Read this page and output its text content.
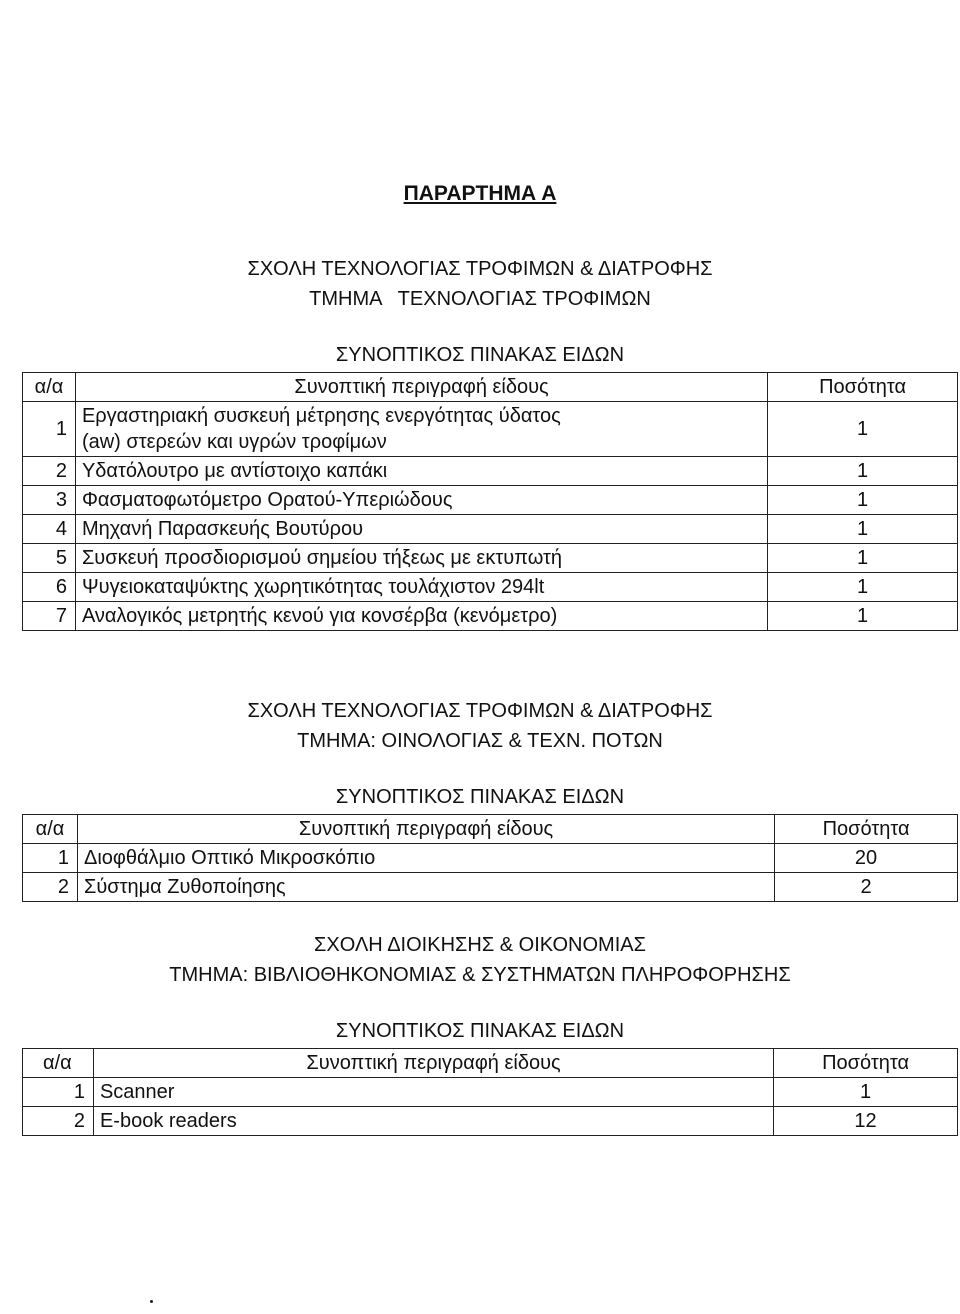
ΠΑΡΑΡΤΗΜΑ Α
ΣΧΟΛΗ ΤΕΧΝΟΛΟΓΙΑΣ ΤΡΟΦΙΜΩΝ & ΔΙΑΤΡΟΦΗΣ
ΤΜΗΜΑ   ΤΕΧΝΟΛΟΓΙΑΣ ΤΡΟΦΙΜΩΝ
ΣΥΝΟΠΤΙΚΟΣ ΠΙΝΑΚΑΣ ΕΙΔΩΝ
α/α	Συνοπτική περιγραφή είδους	Ποσότητα
1	Εργαστηριακή συσκευή μέτρησης ενεργότητας ύδατος (aw) στερεών και υγρών τροφίμων	1
2	Υδατόλουτρο με αντίστοιχο καπάκι	1
3	Φασματοφωτόμετρο Ορατού-Υπεριώδους	1
4	Μηχανή Παρασκευής Βουτύρου	1
5	Συσκευή προσδιορισμού σημείου τήξεως με εκτυπωτή	1
6	Ψυγειοκαταψύκτης χωρητικότητας τουλάχιστον 294lt	1
7	Αναλογικός μετρητής κενού για κονσέρβα (κενόμετρο)	1
ΣΧΟΛΗ ΤΕΧΝΟΛΟΓΙΑΣ ΤΡΟΦΙΜΩΝ & ΔΙΑΤΡΟΦΗΣ
ΤΜΗΜΑ: ΟΙΝΟΛΟΓΙΑΣ & ΤΕΧΝ. ΠΟΤΩΝ
ΣΥΝΟΠΤΙΚΟΣ ΠΙΝΑΚΑΣ ΕΙΔΩΝ
α/α	Συνοπτική περιγραφή είδους	Ποσότητα
1	Διοφθάλμιο Οπτικό Μικροσκόπιο	20
2	Σύστημα Ζυθοποίησης	2
ΣΧΟΛΗ ΔΙΟΙΚΗΣΗΣ & ΟΙΚΟΝΟΜΙΑΣ
ΤΜΗΜΑ: ΒΙΒΛΙΟΘΗΚΟΝΟΜΙΑΣ & ΣΥΣΤΗΜΑΤΩΝ ΠΛΗΡΟΦΟΡΗΣΗΣ
ΣΥΝΟΠΤΙΚΟΣ ΠΙΝΑΚΑΣ ΕΙΔΩΝ
α/α	Συνοπτική περιγραφή είδους	Ποσότητα
1	Scanner	1
2	E-book readers	12
